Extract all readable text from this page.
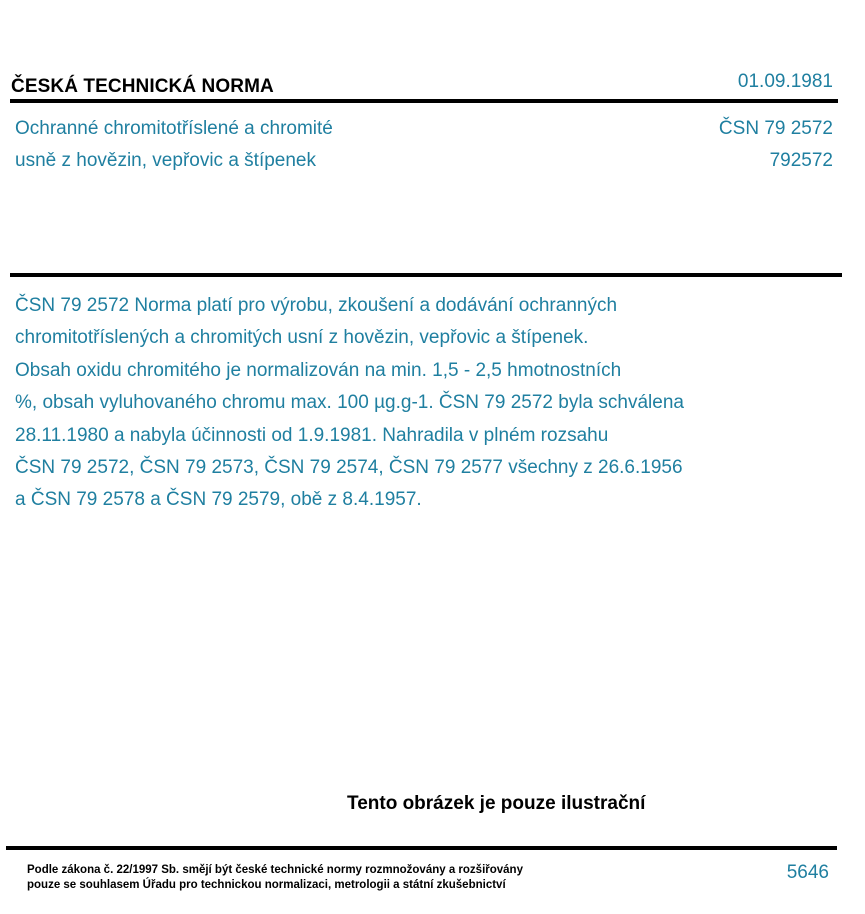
ČESKÁ TECHNICKÁ NORMA	01.09.1981
Ochranné chromitotříslené a chromité
usně z hovězin, vepřovic a štípenek
ČSN 79 2572
792572
ČSN 79 2572 Norma platí pro výrobu, zkoušení a dodávání ochranných
chromitotříslených a chromitých usní z hovězin, vepřovic a štípenek.
Obsah oxidu chromitého je normalizován na min. 1,5 - 2,5 hmotnostních
%, obsah vyluhovaného chromu max. 100 µg.g-1. ČSN 79 2572 byla schválena
28.11.1980 a nabyla účinnosti od 1.9.1981. Nahradila v plném rozsahu
ČSN 79 2572, ČSN 79 2573, ČSN 79 2574, ČSN 79 2577 všechny z 26.6.1956
a ČSN 79 2578 a ČSN 79 2579, obě z 8.4.1957.
Tento obrázek je pouze ilustrační
Podle zákona č. 22/1997 Sb. smějí být české technické normy rozmnožovány a rozšiřovány
pouze se souhlasem Úřadu pro technickou normalizaci, metrologii a státní zkušebnictví
5646
